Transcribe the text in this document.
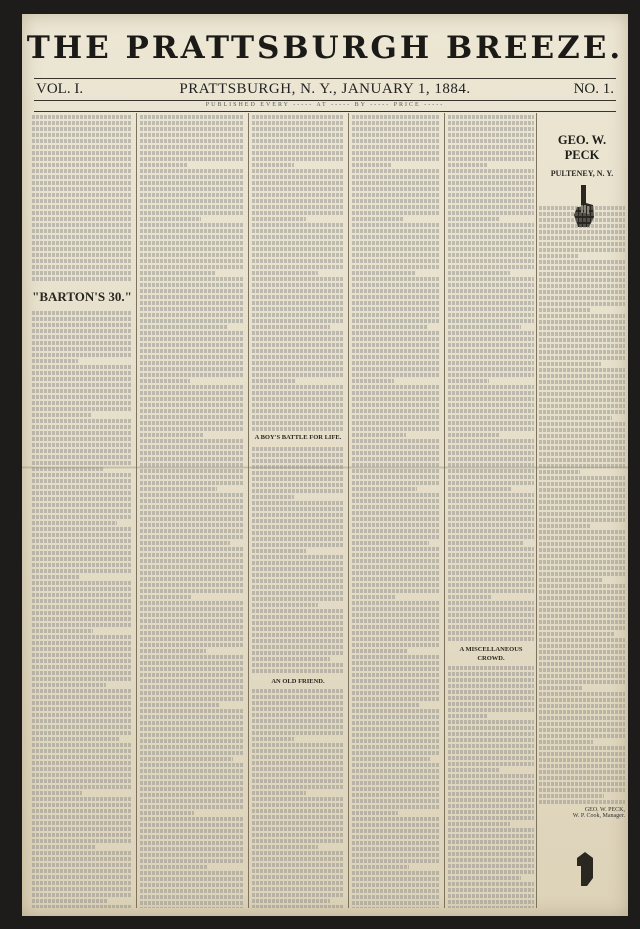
THE PRATTSBURGH BREEZE.
VOL. I.	PRATTSBURGH, N. Y., JANUARY 1, 1884.	NO. 1.
PUBLISHED EVERY ----- AT ----- BY ----- PRICE -----
"BARTON'S 30."
A BOY'S BATTLE FOR LIFE.
AN OLD FRIEND.
A MISCELLANEOUS CROWD.
GEO. W. PECK
PULTENEY, N. Y.
GEO. W. PECK,
W. P. Cook, Manager.
